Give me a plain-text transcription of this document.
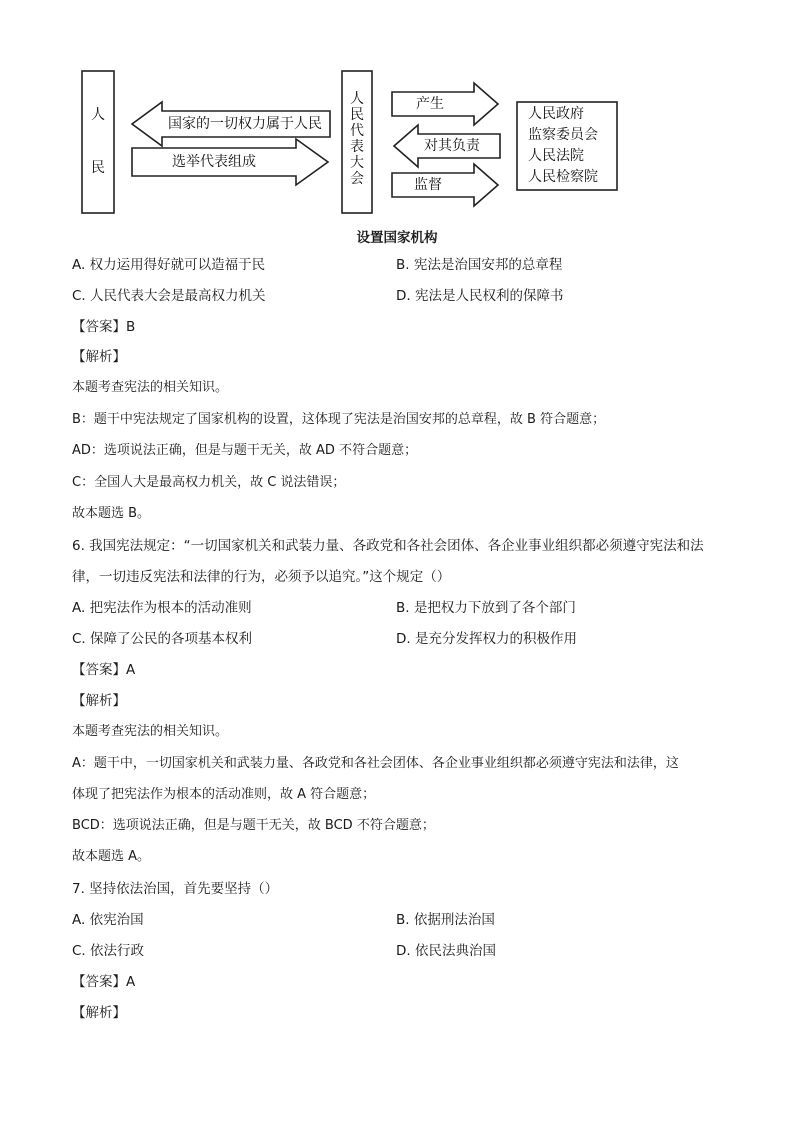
人
民
国家的一切权力属于人民
选举代表组成
人
民
代
表
大
会
产生
对其负责
监督
人民政府
监察委员会
人民法院
人民检察院
设置国家机构
A. 权力运用得好就可以造福于民	B. 宪法是治国安邦的总章程
C. 人民代表大会是最高权力机关	D. 宪法是人民权利的保障书
【答案】B
【解析】
本题考查宪法的相关知识。
B：题干中宪法规定了国家机构的设置，这体现了宪法是治国安邦的总章程，故 B 符合题意；
AD：选项说法正确，但是与题干无关，故 AD 不符合题意；
C：全国人大是最高权力机关，故 C 说法错误；
故本题选 B。
6. 我国宪法规定：“一切国家机关和武装力量、各政党和各社会团体、各企业事业组织都必须遵守宪法和法
律，一切违反宪法和法律的行为，必须予以追究。”这个规定（）
A. 把宪法作为根本的活动准则	B. 是把权力下放到了各个部门
C. 保障了公民的各项基本权利	D. 是充分发挥权力的积极作用
【答案】A
【解析】
本题考查宪法的相关知识。
A：题干中，一切国家机关和武装力量、各政党和各社会团体、各企业事业组织都必须遵守宪法和法律，这
体现了把宪法作为根本的活动准则，故 A 符合题意；
BCD：选项说法正确，但是与题干无关，故 BCD 不符合题意；
故本题选 A。
7. 坚持依法治国，首先要坚持（）
A. 依宪治国	B. 依据刑法治国
C. 依法行政	D. 依民法典治国
【答案】A
【解析】
